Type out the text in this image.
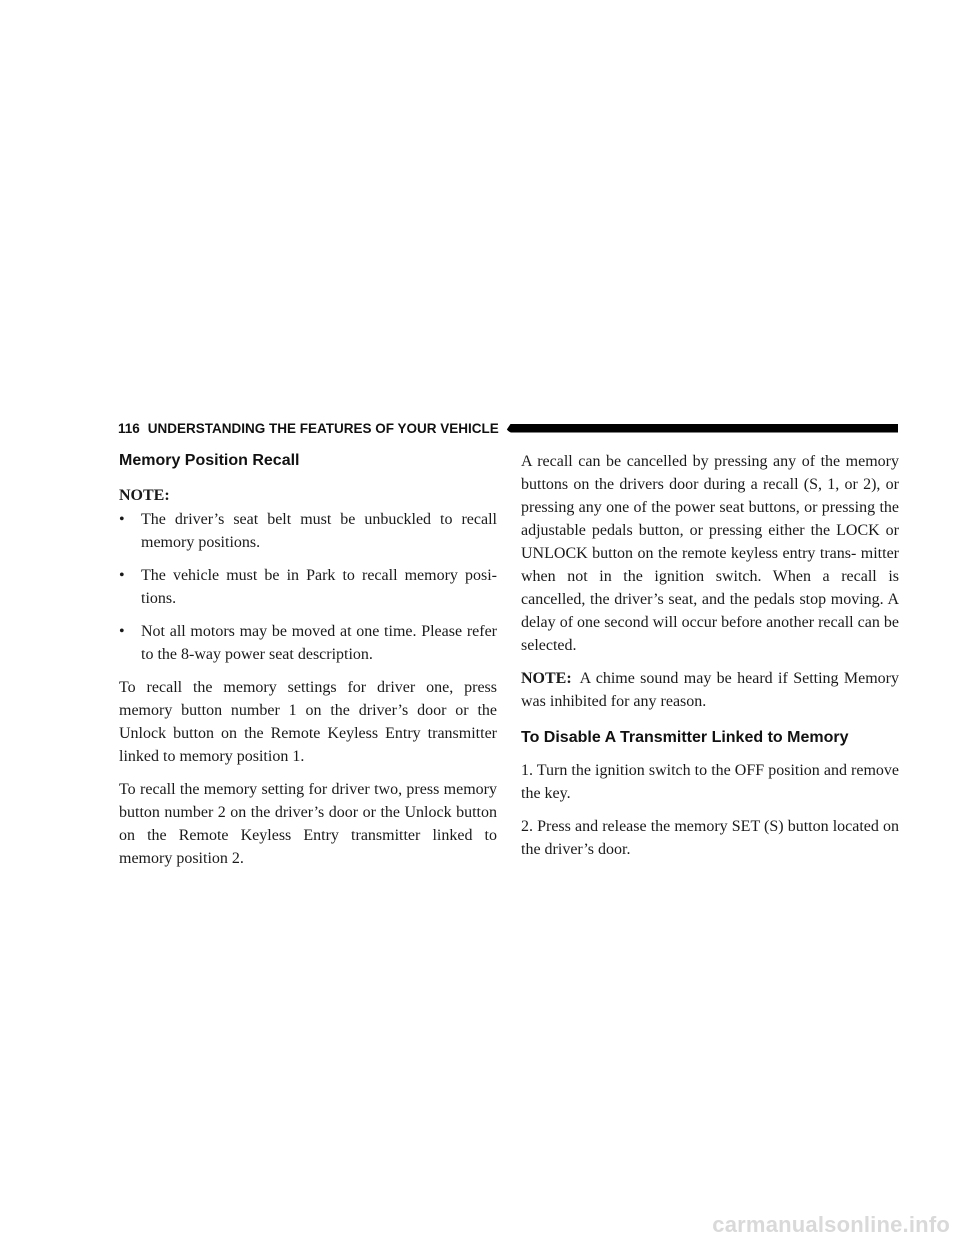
116 UNDERSTANDING THE FEATURES OF YOUR VEHICLE
Memory Position Recall

NOTE:

•	The driver’s seat belt must be unbuckled to recall memory positions.
•	The vehicle must be in Park to recall memory posi- tions.
•	Not all motors may be moved at one time. Please refer to the 8-way power seat description.

To recall the memory settings for driver one, press memory button number 1 on the driver’s door or the Unlock button on the Remote Keyless Entry transmitter linked to memory position 1.

To recall the memory setting for driver two, press memory button number 2 on the driver’s door or the Unlock button on the Remote Keyless Entry transmitter linked to memory position 2.

A recall can be cancelled by pressing any of the memory buttons on the drivers door during a recall (S, 1, or 2), or pressing any one of the power seat buttons, or pressing the adjustable pedals button, or pressing either the LOCK or UNLOCK button on the remote keyless entry trans- mitter when not in the ignition switch. When a recall is cancelled, the driver’s seat, and the pedals stop moving. A delay of one second will occur before another recall can be selected.

NOTE: A chime sound may be heard if Setting Memory was inhibited for any reason.

To Disable A Transmitter Linked to Memory

1. Turn the ignition switch to the OFF position and remove the key.

2. Press and release the memory SET (S) button located on the driver’s door.

carmanualsonline.info
